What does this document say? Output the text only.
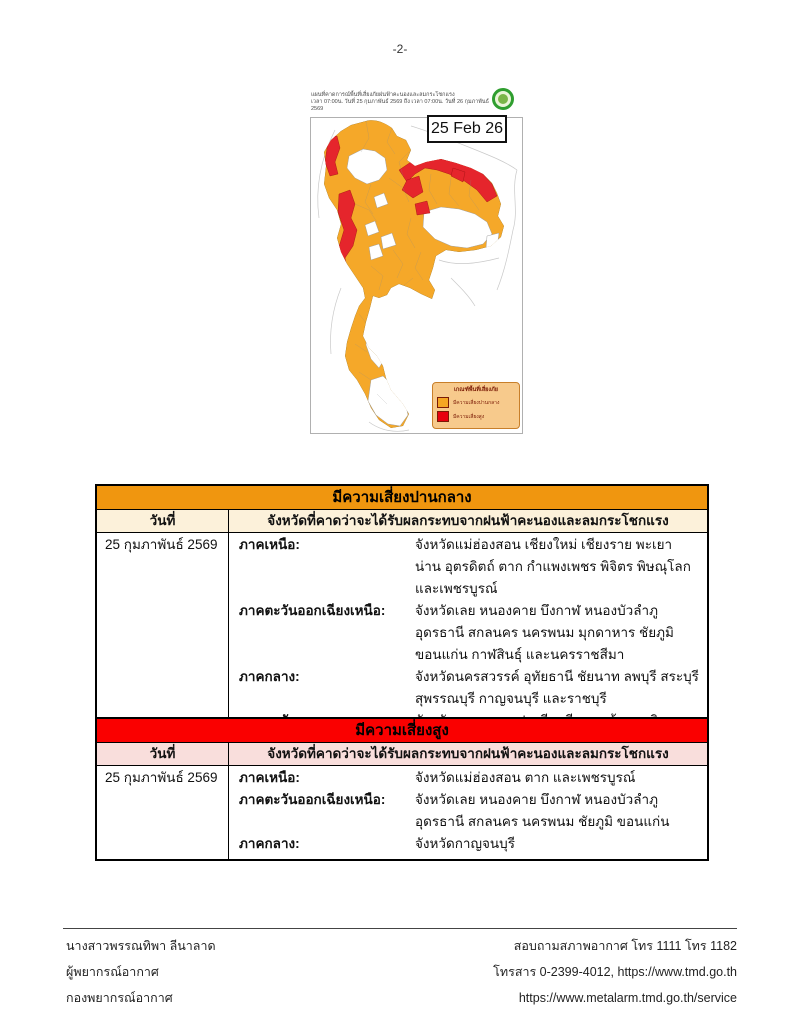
-2-
แผนที่คาดการณ์พื้นที่เสี่ยงภัยฝนฟ้าคะนองและลมกระโชกแรง
เวลา 07:00น. วันที่ 25 กุมภาพันธ์ 2569 ถึง เวลา 07:00น. วันที่ 26 กุมภาพันธ์ 2569
25 Feb 26
เกณฑ์พื้นที่เสี่ยงภัย
มีความเสี่ยงปานกลาง
มีความเสี่ยงสูง
มีความเสี่ยงปานกลาง
วันที่	จังหวัดที่คาดว่าจะได้รับผลกระทบจากฝนฟ้าคะนองและลมกระโชกแรง
25 กุมภาพันธ์ 2569	ภาคเหนือ:	จังหวัดแม่ฮ่องสอน เชียงใหม่ เชียงราย พะเยา น่าน อุตรดิตถ์ ตาก กำแพงเพชร พิจิตร พิษณุโลก และเพชรบูรณ์
ภาคตะวันออกเฉียงเหนือ:	จังหวัดเลย หนองคาย บึงกาฬ หนองบัวลำภู อุดรธานี สกลนคร นครพนม มุกดาหาร ชัยภูมิ ขอนแก่น กาฬสินธุ์ และนครราชสีมา
ภาคกลาง:	จังหวัดนครสวรรค์ อุทัยธานี ชัยนาท ลพบุรี สระบุรี สุพรรณบุรี กาญจนบุรี และราชบุรี
มีความเสี่ยงสูง
วันที่	จังหวัดที่คาดว่าจะได้รับผลกระทบจากฝนฟ้าคะนองและลมกระโชกแรง
25 กุมภาพันธ์ 2569	ภาคเหนือ:	จังหวัดแม่ฮ่องสอน ตาก และเพชรบูรณ์
ภาคตะวันออกเฉียงเหนือ:	จังหวัดเลย หนองคาย บึงกาฬ หนองบัวลำภู อุดรธานี สกลนคร นครพนม ชัยภูมิ ขอนแก่น
ภาคกลาง:	จังหวัดกาญจนบุรี
นางสาวพรรณทิพา ลีนาลาด
ผู้พยากรณ์อากาศ
กองพยากรณ์อากาศ
สอบถามสภาพอากาศ โทร 1111 โทร 1182
โทรสาร 0-2399-4012, https://www.tmd.go.th
https://www.metalarm.tmd.go.th/service
